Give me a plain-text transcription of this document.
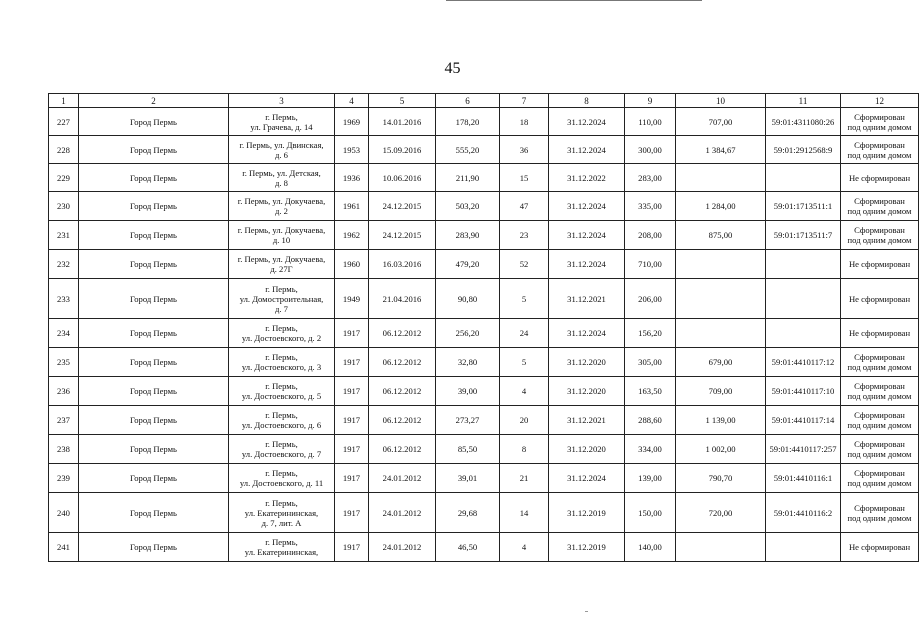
45
1	2	3	4	5	6	7	8	9	10	11	12
227	Город Пермь	г. Пермь,
ул. Грачева, д. 14	1969	14.01.2016	178,20	18	31.12.2024	110,00	707,00	59:01:4311080:26	Сформирован
под одним домом

228	Город Пермь	г. Пермь, ул. Двинская,
д. 6	1953	15.09.2016	555,20	36	31.12.2024	300,00	1 384,67	59:01:2912568:9	Сформирован
под одним домом

229	Город Пермь	г. Пермь, ул. Детская,
д. 8	1936	10.06.2016	211,90	15	31.12.2022	283,00			Не сформирован

230	Город Пермь	г. Пермь, ул. Докучаева,
д. 2	1961	24.12.2015	503,20	47	31.12.2024	335,00	1 284,00	59:01:1713511:1	Сформирован
под одним домом

231	Город Пермь	г. Пермь, ул. Докучаева,
д. 10	1962	24.12.2015	283,90	23	31.12.2024	208,00	875,00	59:01:1713511:7	Сформирован
под одним домом

232	Город Пермь	г. Пермь, ул. Докучаева,
д. 27Г	1960	16.03.2016	479,20	52	31.12.2024	710,00			Не сформирован

233	Город Пермь	г. Пермь,
ул. Домостроительная,
д. 7	1949	21.04.2016	90,80	5	31.12.2021	206,00			Не сформирован

234	Город Пермь	г. Пермь,
ул. Достоевского, д. 2	1917	06.12.2012	256,20	24	31.12.2024	156,20			Не сформирован

235	Город Пермь	г. Пермь,
ул. Достоевского, д. 3	1917	06.12.2012	32,80	5	31.12.2020	305,00	679,00	59:01:4410117:12	Сформирован
под одним домом

236	Город Пермь	г. Пермь,
ул. Достоевского, д. 5	1917	06.12.2012	39,00	4	31.12.2020	163,50	709,00	59:01:4410117:10	Сформирован
под одним домом

237	Город Пермь	г. Пермь,
ул. Достоевского, д. 6	1917	06.12.2012	273,27	20	31.12.2021	288,60	1 139,00	59:01:4410117:14	Сформирован
под одним домом

238	Город Пермь	г. Пермь,
ул. Достоевского, д. 7	1917	06.12.2012	85,50	8	31.12.2020	334,00	1 002,00	59:01:4410117:257	Сформирован
под одним домом

239	Город Пермь	г. Пермь,
ул. Достоевского, д. 11	1917	24.01.2012	39,01	21	31.12.2024	139,00	790,70	59:01:4410116:1	Сформирован
под одним домом

240	Город Пермь	г. Пермь,
ул. Екатерининская,
д. 7, лит. А	1917	24.01.2012	29,68	14	31.12.2019	150,00	720,00	59:01:4410116:2	Сформирован
под одним домом

241	Город Пермь	г. Пермь,
ул. Екатерининская,	1917	24.01.2012	46,50	4	31.12.2019	140,00			Не сформирован
